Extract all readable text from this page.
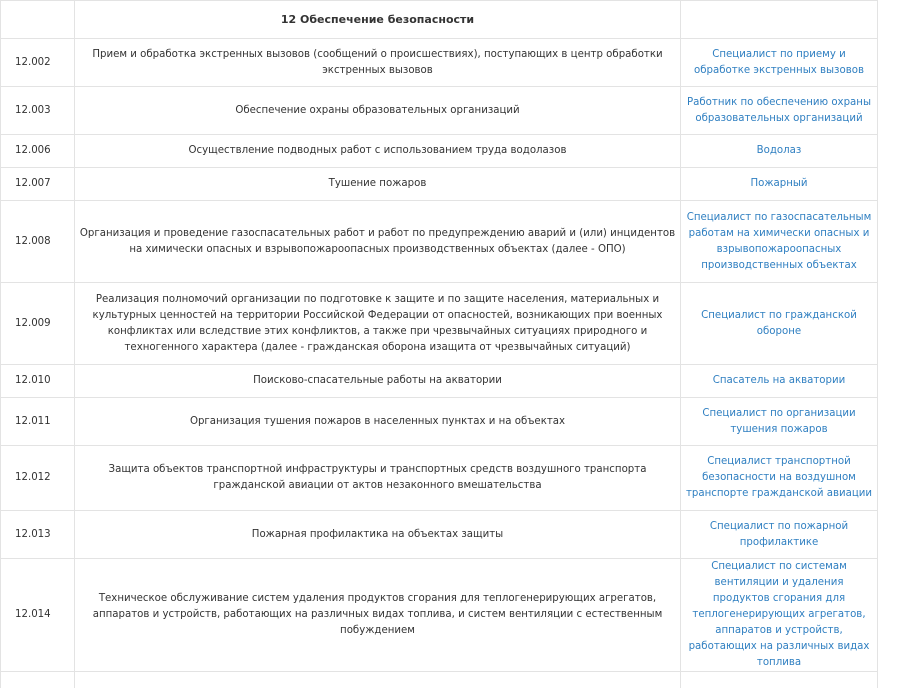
	12 Обеспечение безопасности	
12.002	Прием и обработка экстренных вызовов (сообщений о происшествиях), поступающих в центр обработки экстренных вызовов	Специалист по приему и обработке экстренных вызовов
12.003	Обеспечение охраны образовательных организаций	Работник по обеспечению охраны образовательных организаций
12.006	Осуществление подводных работ с использованием труда водолазов	Водолаз
12.007	Тушение пожаров	Пожарный
12.008	Организация и проведение газоспасательных работ и работ по предупреждению аварий и (или) инцидентов на химически опасных и взрывопожароопасных производственных объектах (далее - ОПО)	Специалист по газоспасательным работам на химически опасных и взрывопожароопасных производственных объектах
12.009	Реализация полномочий организации по подготовке к защите и по защите населения, материальных и культурных ценностей на территории Российской Федерации от опасностей, возникающих при военных конфликтах или вследствие этих конфликтов, а также при чрезвычайных ситуациях природного и техногенного характера (далее - гражданская оборона изащита от чрезвычайных ситуаций)	Специалист по гражданской обороне
12.010	Поисково-спасательные работы на акватории	Спасатель на акватории
12.011	Организация тушения пожаров в населенных пунктах и на объектах	Специалист по организации тушения пожаров
12.012	Защита объектов транспортной инфраструктуры и транспортных средств воздушного транспорта гражданской авиации от актов незаконного вмешательства	Специалист транспортной безопасности на воздушном транспорте гражданской авиации
12.013	Пожарная профилактика на объектах защиты	Специалист по пожарной профилактике
12.014	Техническое обслуживание систем удаления продуктов сгорания для теплогенерирующих агрегатов, аппаратов и устройств, работающих на различных видах топлива, и систем вентиляции с естественным побуждением	Специалист по системам вентиляции и удаления продуктов сгорания для теплогенерирующих агрегатов, аппаратов и устройств, работающих на различных видах топлива
